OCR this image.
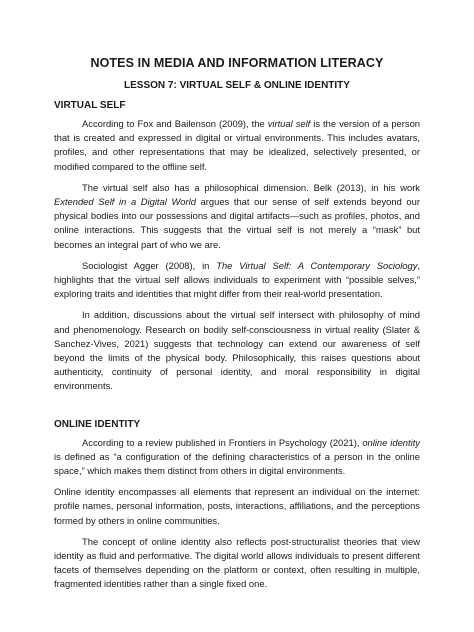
NOTES IN MEDIA AND INFORMATION LITERACY
LESSON 7: VIRTUAL SELF & ONLINE IDENTITY
VIRTUAL SELF

According to Fox and Bailenson (2009), the virtual self is the version of a person that is created and expressed in digital or virtual environments. This includes avatars, profiles, and other representations that may be idealized, selectively presented, or modified compared to the offline self.

The virtual self also has a philosophical dimension. Belk (2013), in his work Extended Self in a Digital World argues that our sense of self extends beyond our physical bodies into our possessions and digital artifacts—such as profiles, photos, and online interactions. This suggests that the virtual self is not merely a “mask” but becomes an integral part of who we are.

Sociologist Agger (2008), in The Virtual Self: A Contemporary Sociology, highlights that the virtual self allows individuals to experiment with “possible selves,” exploring traits and identities that might differ from their real-world presentation.

In addition, discussions about the virtual self intersect with philosophy of mind and phenomenology. Research on bodily self-consciousness in virtual reality (Slater & Sanchez-Vives, 2021) suggests that technology can extend our awareness of self beyond the limits of the physical body. Philosophically, this raises questions about authenticity, continuity of personal identity, and moral responsibility in digital environments.

ONLINE IDENTITY

According to a review published in Frontiers in Psychology (2021), online identity is defined as “a configuration of the defining characteristics of a person in the online space,” which makes them distinct from others in digital environments.

Online identity encompasses all elements that represent an individual on the internet: profile names, personal information, posts, interactions, affiliations, and the perceptions formed by others in online communities.

The concept of online identity also reflects post-structuralist theories that view identity as fluid and performative. The digital world allows individuals to present different facets of themselves depending on the platform or context, often resulting in multiple, fragmented identities rather than a single fixed one.
